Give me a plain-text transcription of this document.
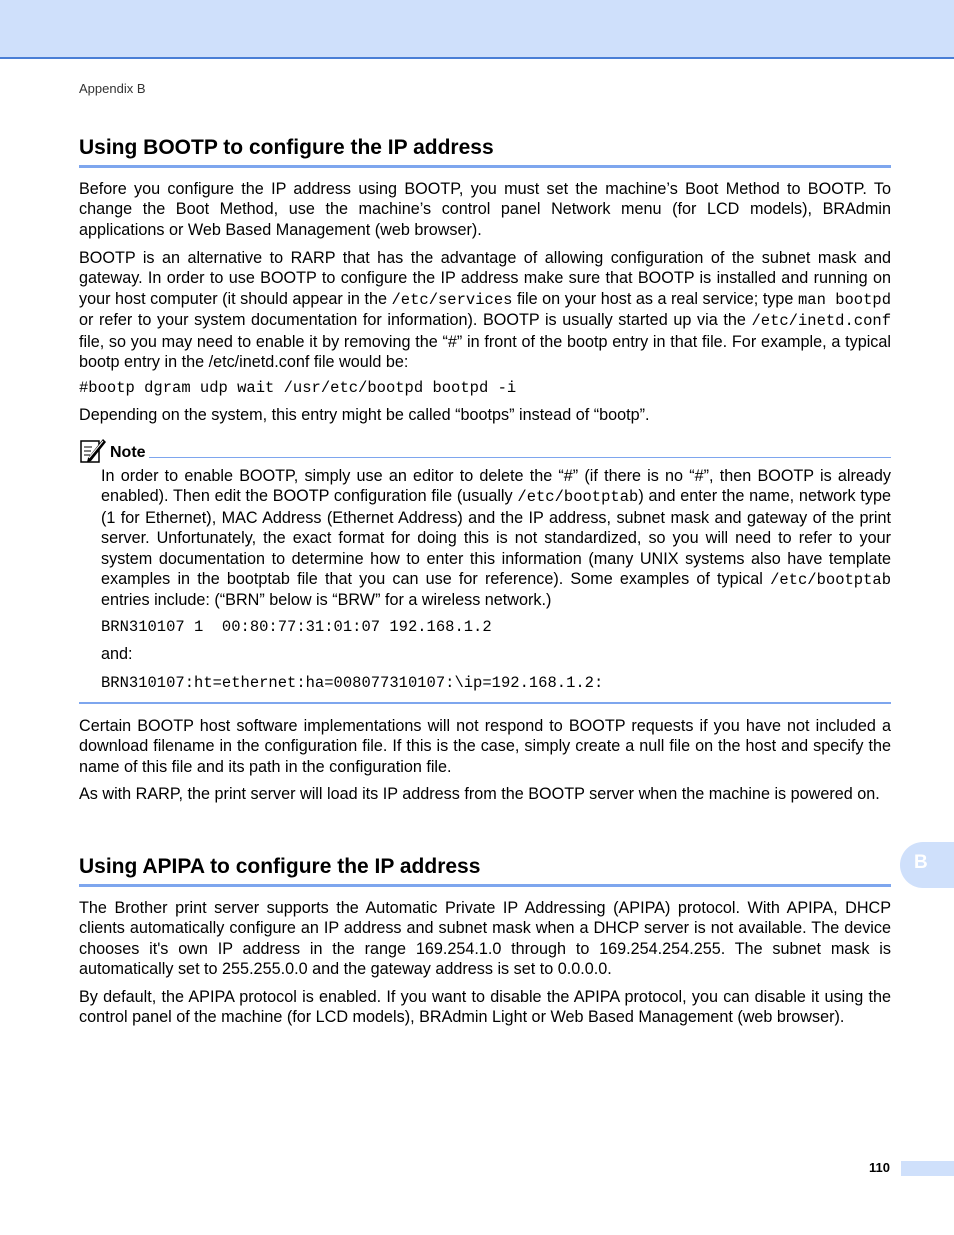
Appendix B
Using BOOTP to configure the IP address

Before you configure the IP address using BOOTP, you must set the machine’s Boot Method to BOOTP. To change the Boot Method, use the machine’s control panel Network menu (for LCD models), BRAdmin applications or Web Based Management (web browser).

BOOTP is an alternative to RARP that has the advantage of allowing configuration of the subnet mask and gateway. In order to use BOOTP to configure the IP address make sure that BOOTP is installed and running on your host computer (it should appear in the /etc/services file on your host as a real service; type man bootpd or refer to your system documentation for information). BOOTP is usually started up via the /etc/inetd.conf file, so you may need to enable it by removing the “#” in front of the bootp entry in that file. For example, a typical bootp entry in the /etc/inetd.conf file would be:

#bootp dgram udp wait /usr/etc/bootpd bootpd -i

Depending on the system, this entry might be called “bootps” instead of “bootp”.

Note

In order to enable BOOTP, simply use an editor to delete the “#” (if there is no “#”, then BOOTP is already enabled). Then edit the BOOTP configuration file (usually /etc/bootptab) and enter the name, network type (1 for Ethernet), MAC Address (Ethernet Address) and the IP address, subnet mask and gateway of the print server. Unfortunately, the exact format for doing this is not standardized, so you will need to refer to your system documentation to determine how to enter this information (many UNIX systems also have template examples in the bootptab file that you can use for reference). Some examples of typical /etc/bootptab entries include: (“BRN” below is “BRW” for a wireless network.)

BRN310107 1  00:80:77:31:01:07 192.168.1.2
and:
BRN310107:ht=ethernet:ha=008077310107:\ip=192.168.1.2:

Certain BOOTP host software implementations will not respond to BOOTP requests if you have not included a download filename in the configuration file. If this is the case, simply create a null file on the host and specify the name of this file and its path in the configuration file.

As with RARP, the print server will load its IP address from the BOOTP server when the machine is powered on.

Using APIPA to configure the IP address

The Brother print server supports the Automatic Private IP Addressing (APIPA) protocol. With APIPA, DHCP clients automatically configure an IP address and subnet mask when a DHCP server is not available. The device chooses it's own IP address in the range 169.254.1.0 through to 169.254.254.255. The subnet mask is automatically set to 255.255.0.0 and the gateway address is set to 0.0.0.0.

By default, the APIPA protocol is enabled. If you want to disable the APIPA protocol, you can disable it using the control panel of the machine (for LCD models), BRAdmin Light or Web Based Management (web browser).

B
110
